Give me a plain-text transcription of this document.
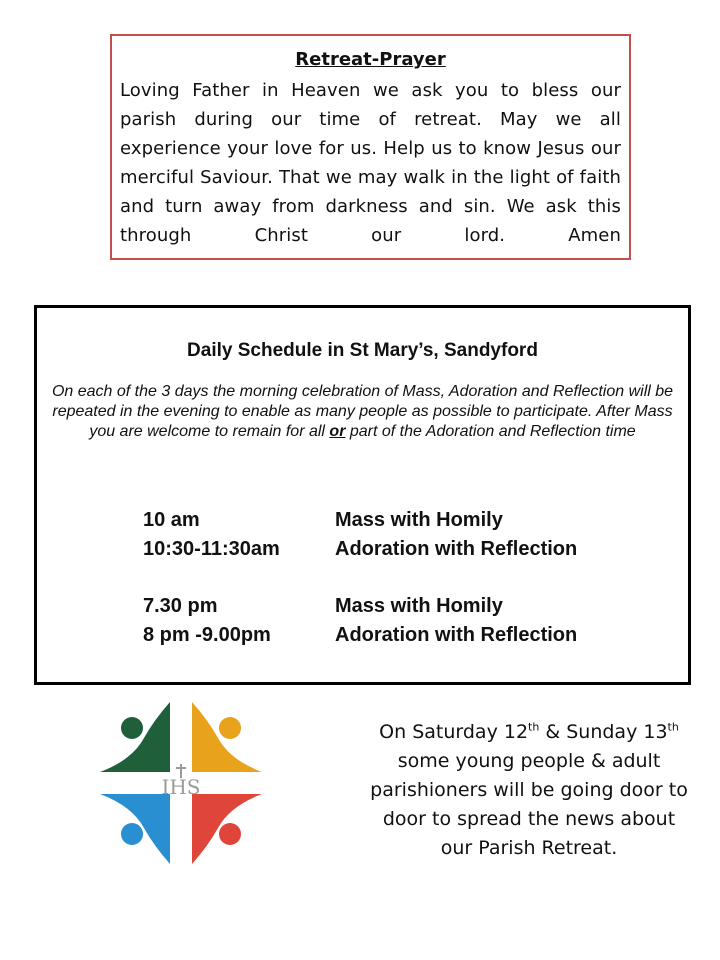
Retreat-Prayer
Loving Father in Heaven we ask you to bless our parish during our time of retreat. May we all experience your love for us. Help us to know Jesus our merciful Saviour. That we may walk in the light of faith and turn away from darkness and sin. We ask this through Christ our lord. Amen
Daily Schedule in St Mary’s, Sandyford
On each of the 3 days the morning celebration of Mass, Adoration and Reflection will be repeated in the evening to enable as many people as possible to participate. After Mass you are welcome to remain for all or part of the Adoration and Reflection time
10 am	Mass with Homily
10:30-11:30am	Adoration with Reflection
7.30 pm	Mass with Homily
8 pm -9.00pm	Adoration with Reflection
IHS
On Saturday 12th & Sunday 13th some young people & adult parishioners will be going door to door to spread the news about our Parish Retreat.
